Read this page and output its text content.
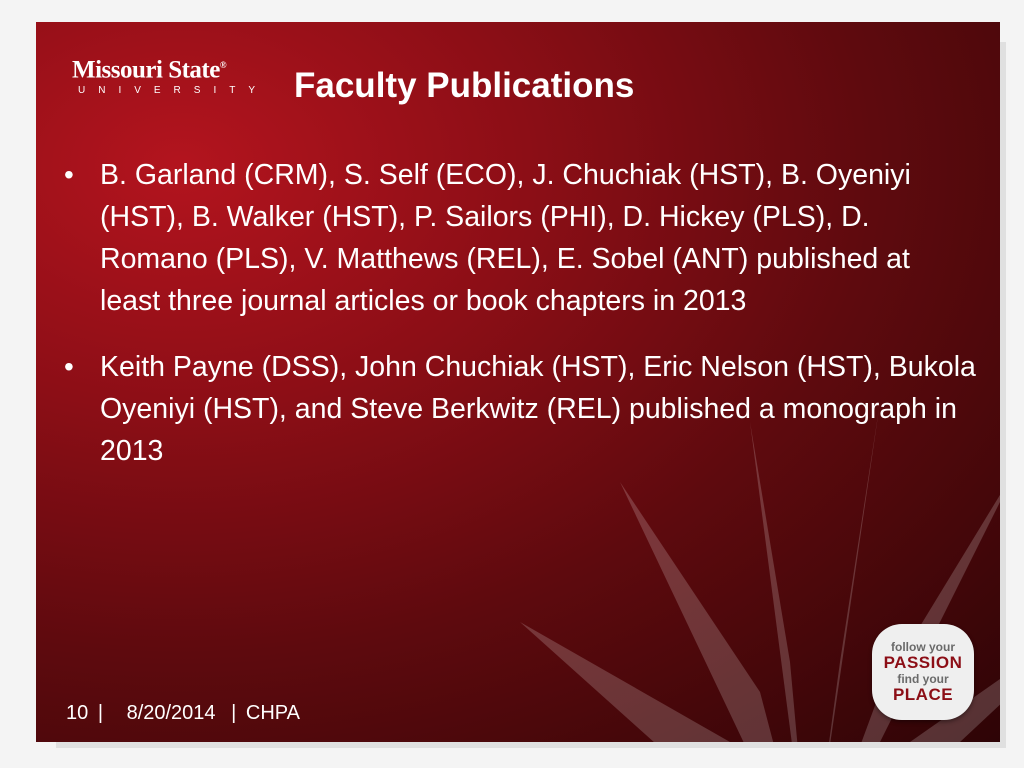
Missouri State®
UNIVERSITY Faculty Publications
• B. Garland (CRM), S. Self (ECO), J. Chuchiak (HST), B. Oyeniyi (HST), B. Walker (HST), P. Sailors (PHI), D. Hickey (PLS), D. Romano (PLS), V. Matthews (REL), E. Sobel (ANT) published at least three journal articles or book chapters in 2013
• Keith Payne (DSS), John Chuchiak (HST), Eric Nelson (HST), Bukola Oyeniyi (HST), and Steve Berkwitz (REL) published a monograph in 2013
10 | 8/20/2014 | CHPA
follow your
PASSION
find your
PLACE
